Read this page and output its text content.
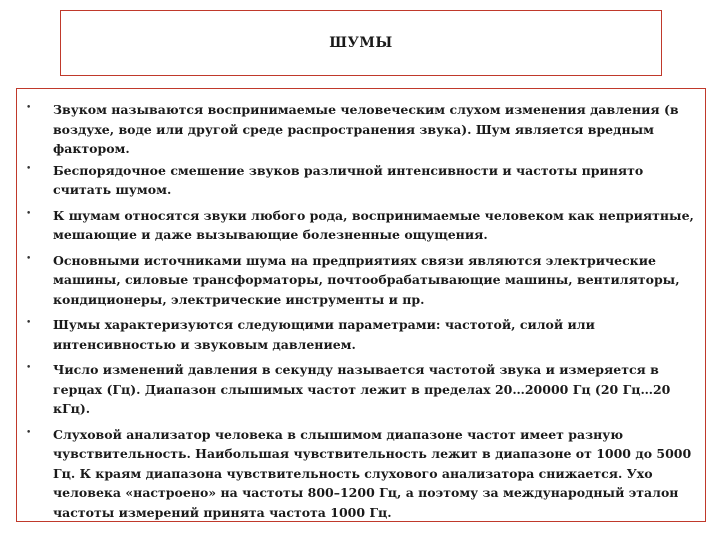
ШУМЫ
• Звуком называются воспринимаемые человеческим слухом изменения давления (в воздухе, воде или другой среде распространения звука). Шум является вредным фактором.
• Беспорядочное смешение звуков различной интенсивности и частоты принято считать шумом.
• К шумам относятся звуки любого рода, воспринимаемые человеком как неприятные, мешающие и даже вызывающие болезненные ощущения.
• Основными источниками шума на предприятиях связи являются электрические машины, силовые трансформаторы, почтообрабатывающие машины, вентиляторы, кондиционеры, электрические инструменты и пр.
• Шумы характеризуются следующими параметрами: частотой, силой или интенсивностью и звуковым давлением.
• Число изменений давления в секунду называется частотой звука и измеряется в герцах (Гц). Диапазон слышимых частот лежит в пределах 20…20000 Гц (20 Гц…20 кГц).
• Слуховой анализатор человека в слышимом диапазоне частот имеет разную чувствительность. Наибольшая чувствительность лежит в диапазоне от 1000 до 5000 Гц. К краям диапазона чувствительность слухового анализатора снижается. Ухо человека «настроено» на частоты 800–1200 Гц, а поэтому за международный эталон частоты измерений принята частота 1000 Гц.
